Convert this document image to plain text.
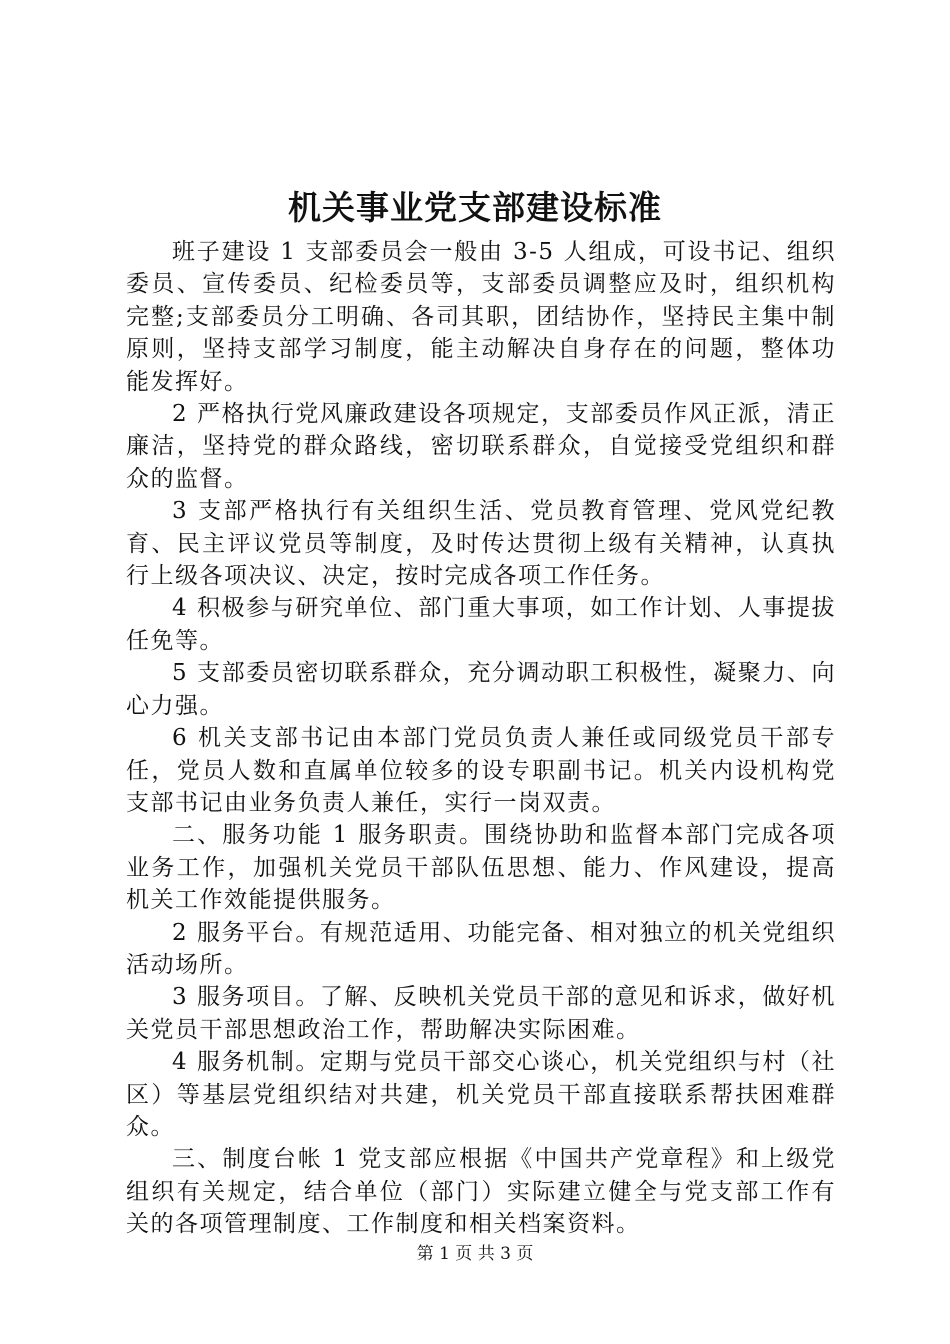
机关事业党支部建设标准

班子建设 1 支部委员会一般由 3-5 人组成，可设书记、组织委员、宣传委员、纪检委员等，支部委员调整应及时，组织机构完整;支部委员分工明确、各司其职，团结协作，坚持民主集中制原则，坚持支部学习制度，能主动解决自身存在的问题，整体功能发挥好。

2 严格执行党风廉政建设各项规定，支部委员作风正派，清正廉洁，坚持党的群众路线，密切联系群众，自觉接受党组织和群众的监督。

3 支部严格执行有关组织生活、党员教育管理、党风党纪教育、民主评议党员等制度，及时传达贯彻上级有关精神，认真执行上级各项决议、决定，按时完成各项工作任务。

4 积极参与研究单位、部门重大事项，如工作计划、人事提拔任免等。

5 支部委员密切联系群众，充分调动职工积极性，凝聚力、向心力强。

6 机关支部书记由本部门党员负责人兼任或同级党员干部专任，党员人数和直属单位较多的设专职副书记。机关内设机构党支部书记由业务负责人兼任，实行一岗双责。

二、服务功能 1 服务职责。围绕协助和监督本部门完成各项业务工作，加强机关党员干部队伍思想、能力、作风建设，提高机关工作效能提供服务。

2 服务平台。有规范适用、功能完备、相对独立的机关党组织活动场所。

3 服务项目。了解、反映机关党员干部的意见和诉求，做好机关党员干部思想政治工作，帮助解决实际困难。

4 服务机制。定期与党员干部交心谈心，机关党组织与村（社区）等基层党组织结对共建，机关党员干部直接联系帮扶困难群众。

三、制度台帐 1 党支部应根据《中国共产党章程》和上级党组织有关规定，结合单位（部门）实际建立健全与党支部工作有关的各项管理制度、工作制度和相关档案资料。

第 1 页 共 3 页
